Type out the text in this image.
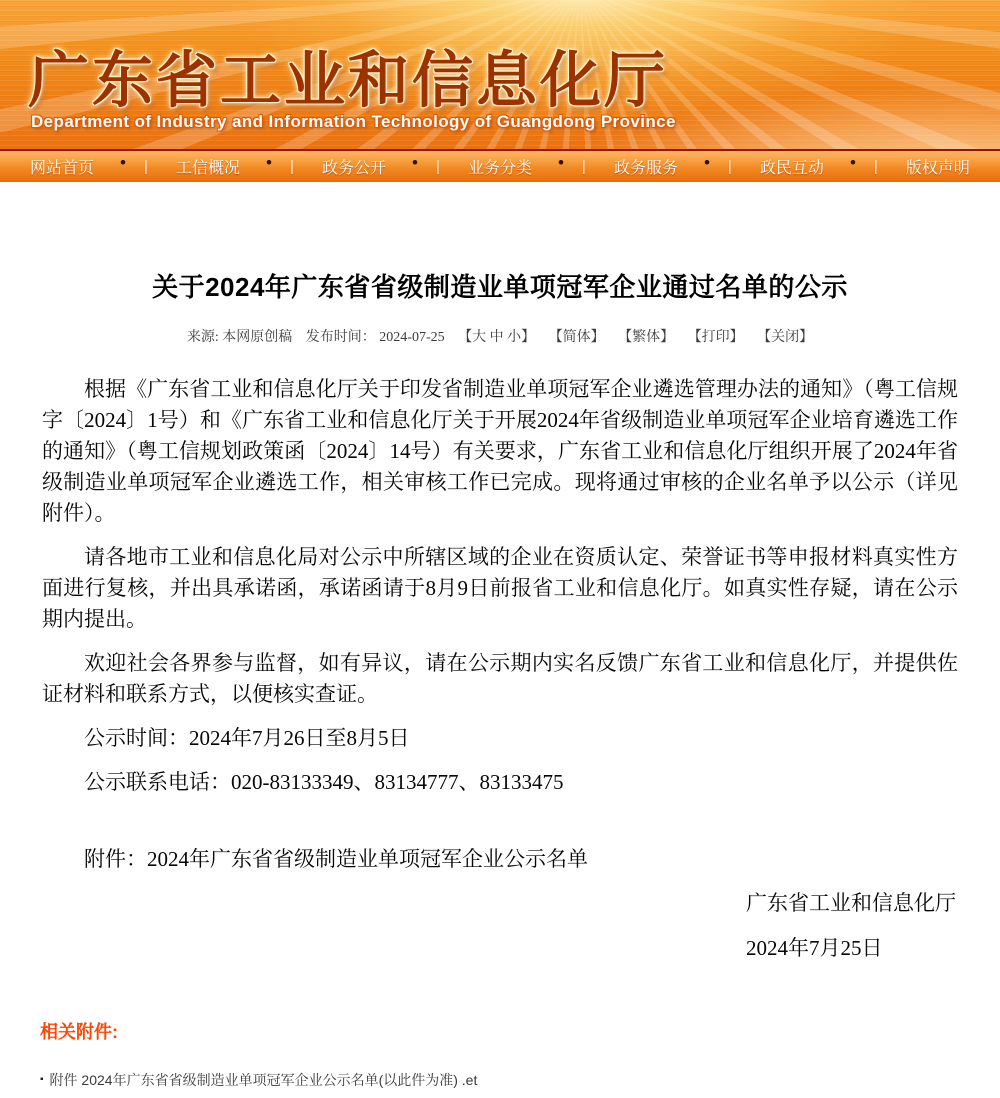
广东省工业和信息化厅
Department of Industry and Information Technology of Guangdong Province
网站首页 • | 工信概况 • | 政务公开 • | 业务分类 • | 政务服务 • | 政民互动 • | 版权声明
关于2024年广东省省级制造业单项冠军企业通过名单的公示
来源: 本网原创稿 发布时间： 2024-07-25 【大 中 小】 【简体】 【繁体】 【打印】 【关闭】

根据《广东省工业和信息化厅关于印发省制造业单项冠军企业遴选管理办法的通知》（粤工信规字〔2024〕1号）和《广东省工业和信息化厅关于开展2024年省级制造业单项冠军企业培育遴选工作的通知》（粤工信规划政策函〔2024〕14号）有关要求，广东省工业和信息化厅组织开展了2024年省级制造业单项冠军企业遴选工作，相关审核工作已完成。现将通过审核的企业名单予以公示（详见附件）。

请各地市工业和信息化局对公示中所辖区域的企业在资质认定、荣誉证书等申报材料真实性方面进行复核，并出具承诺函，承诺函请于8月9日前报省工业和信息化厅。如真实性存疑，请在公示期内提出。

欢迎社会各界参与监督，如有异议，请在公示期内实名反馈广东省工业和信息化厅，并提供佐证材料和联系方式，以便核实查证。

公示时间：2024年7月26日至8月5日

公示联系电话：020-83133349、83134777、83133475

附件：2024年广东省省级制造业单项冠军企业公示名单

广东省工业和信息化厅

2024年7月25日

相关附件:
▪ 附件 2024年广东省省级制造业单项冠军企业公示名单(以此件为准) .et
